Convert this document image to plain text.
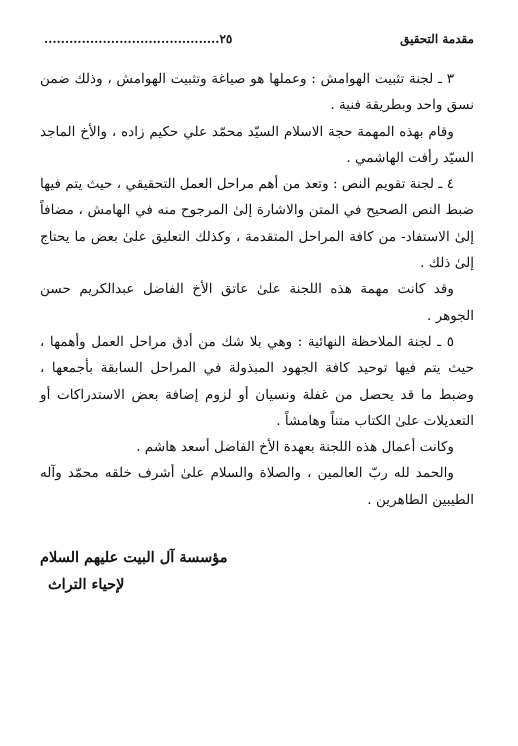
مقدمة التحقيق
٢٥..........................................

٣ ـ لجنة تثبيت الهوامش : وعملها هو صياغة وتثبيت الهوامش ، وذلك ضمن نسق واحد وبطريقة فنية .

وقام بهذه المهمة حجة الاسلام السيّد محمّد علي حكيم زاده ، والأخ الماجد السيّد رأفت الهاشمي .

٤ ـ لجنة تقويم النص : وتعد من أهم مراحل العمل التحقيقي ، حيث يتم فيها ضبط النص الصحيح في المتن والاشارة إلىٰ المرجوح منه في الهامش ، مضافاً إلىٰ الاستفاد‐ من كافة المراحل المتقدمة ، وكذلك التعليق علىٰ بعض ما يحتاج إلىٰ ذلك .

وقد كانت مهمة هذه اللجنة علىٰ عاتق الأخ الفاضل عبدالكريم حسن الجوهر .

٥ ـ لجنة الملاحظة النهائية : وهي بلا شك من أدق مراحل العمل وأهمها ، حيث يتم فيها توحيد كافة الجهود المبذولة في المراحل السابقة بأجمعها ، وضبط ما قد يحصل من غفلة ونسيان أو لزوم إضافة بعض الاستدراكات أو التعديلات علىٰ الكتاب متناً وهامشاً .

وكانت أعمال هذه اللجنة بعهدة الأخ الفاضل أسعد هاشم .

والحمد لله ربّ العالمين ، والصلاة والسلام علىٰ أشرف خلقه محمّد وآله الطيبين الطاهرين .

مؤسسة آل البيت عليهم السلام
لإحياء التراث
